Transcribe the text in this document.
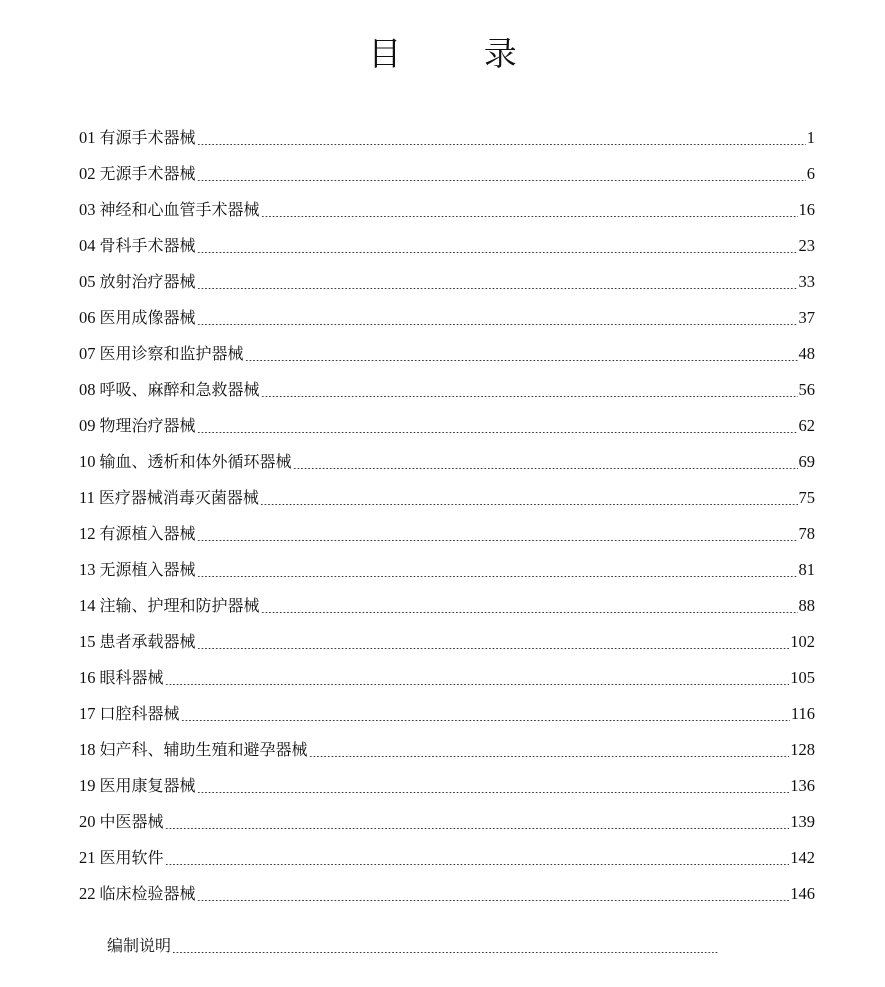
目 录
01 有源手术器械	1
02 无源手术器械	6
03 神经和心血管手术器械	16
04 骨科手术器械	23
05 放射治疗器械	33
06 医用成像器械	37
07 医用诊察和监护器械	48
08 呼吸、麻醉和急救器械	56
09 物理治疗器械	62
10 输血、透析和体外循环器械	69
11 医疗器械消毒灭菌器械	75
12 有源植入器械	78
13 无源植入器械	81
14 注输、护理和防护器械	88
15 患者承载器械	102
16 眼科器械	105
17 口腔科器械	116
18 妇产科、辅助生殖和避孕器械	128
19 医用康复器械	136
20 中医器械	139
21 医用软件	142
22 临床检验器械	146
编制说明
